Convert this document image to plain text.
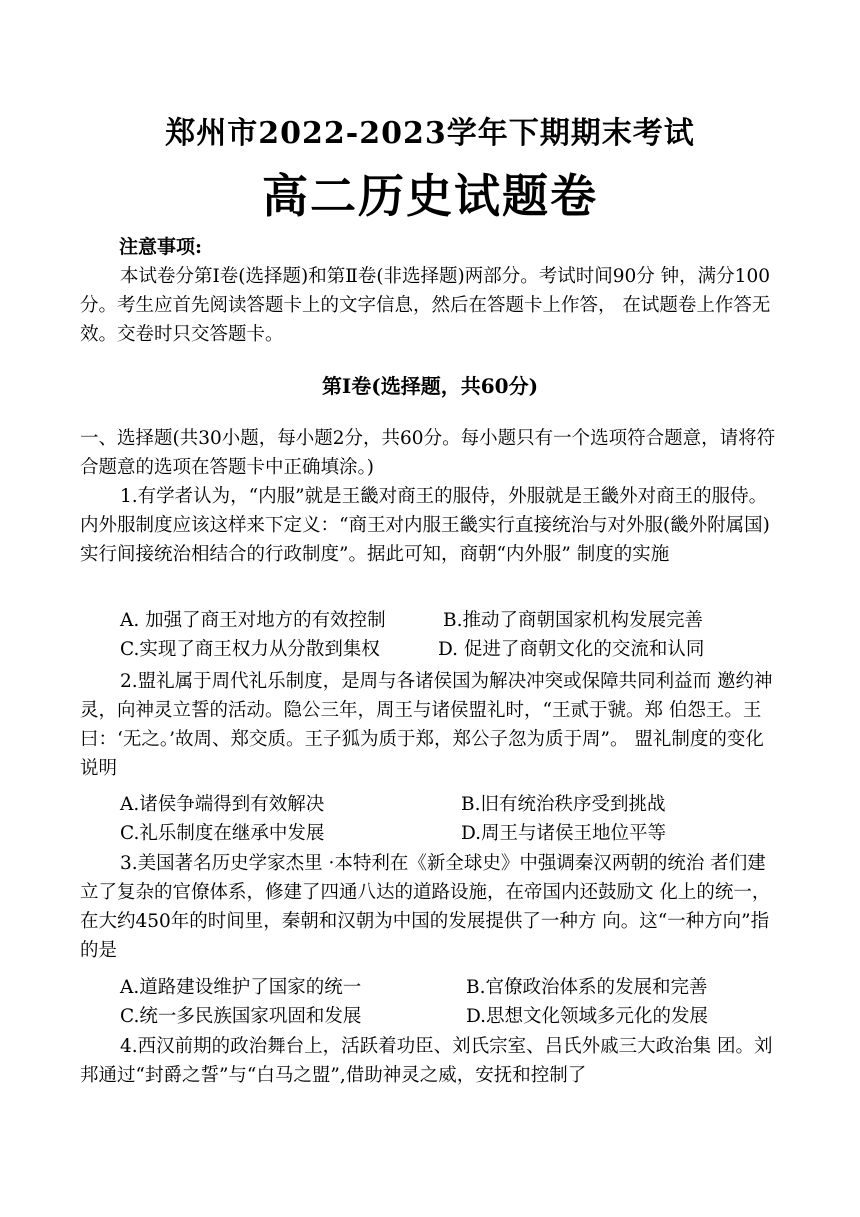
郑州市2022-2023学年下期期末考试
高二历史试题卷
注意事项:
本试卷分第Ⅰ卷(选择题)和第Ⅱ卷(非选择题)两部分。考试时间90分 钟，满分100分。考生应首先阅读答题卡上的文字信息，然后在答题卡上作答， 在试题卷上作答无效。交卷时只交答题卡。
第Ⅰ卷(选择题，共60分)
一、选择题(共30小题，每小题2分，共60分。每小题只有一个选项符合题意，请将符合题意的选项在答题卡中正确填涂。)
1.有学者认为，“内服”就是王畿对商王的服侍，外服就是王畿外对商王的服侍。内外服制度应该这样来下定义：“商王对内服王畿实行直接统治与对外服(畿外附属国)实行间接统治相结合的行政制度”。据此可知，商朝“内外服” 制度的实施
A. 加强了商王对地方的有效控制	B.推动了商朝国家机构发展完善
C.实现了商王权力从分散到集权	D. 促进了商朝文化的交流和认同
2.盟礼属于周代礼乐制度，是周与各诸侯国为解决冲突或保障共同利益而 邀约神灵，向神灵立誓的活动。隐公三年，周王与诸侯盟礼时，“王贰于虢。郑 伯怨王。王曰：‘无之。’故周、郑交质。王子狐为质于郑，郑公子忽为质于周”。 盟礼制度的变化说明
A.诸侯争端得到有效解决	B.旧有统治秩序受到挑战
C.礼乐制度在继承中发展	D.周王与诸侯王地位平等
3.美国著名历史学家杰里 ·本特利在《新全球史》中强调秦汉两朝的统治 者们建立了复杂的官僚体系，修建了四通八达的道路设施，在帝国内还鼓励文 化上的统一，在大约450年的时间里，秦朝和汉朝为中国的发展提供了一种方 向。这“一种方向”指的是
A.道路建设维护了国家的统一	B.官僚政治体系的发展和完善
C.统一多民族国家巩固和发展	D.思想文化领域多元化的发展
4.西汉前期的政治舞台上，活跃着功臣、刘氏宗室、吕氏外戚三大政治集 团。刘邦通过“封爵之誓”与“白马之盟”,借助神灵之威，安抚和控制了
